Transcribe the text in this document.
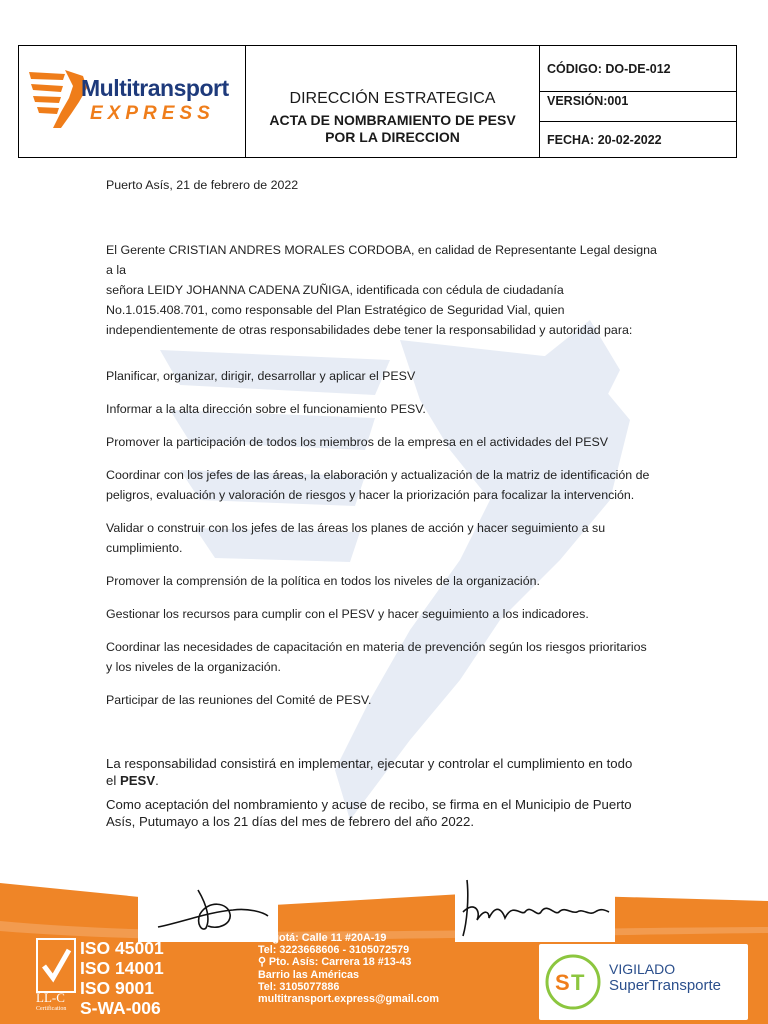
Multitransport
EXPRESS
DIRECCIÓN ESTRATEGICA
ACTA DE NOMBRAMIENTO DE PESV
POR LA DIRECCION
CÓDIGO: DO-DE-012
VERSIÓN:001
FECHA: 20-02-2022
Puerto Asís, 21 de febrero de 2022
El Gerente CRISTIAN ANDRES MORALES CORDOBA, en calidad de Representante Legal designa a la
señora LEIDY JOHANNA CADENA ZUÑIGA, identificada con cédula de ciudadanía
No.1.015.408.701, como responsable del Plan Estratégico de Seguridad Vial, quien
independientemente de otras responsabilidades debe tener la responsabilidad y autoridad para:

Planificar, organizar, dirigir, desarrollar y aplicar el PESV

Informar a la alta dirección sobre el funcionamiento PESV.

Promover la participación de todos los miembros de la empresa en el actividades del PESV

Coordinar con los jefes de las áreas, la elaboración y actualización de la matriz de identificación de
peligros, evaluación y valoración de riesgos y hacer la priorización para focalizar la intervención.

Validar o construir con los jefes de las áreas los planes de acción y hacer seguimiento a su
cumplimiento.

Promover la comprensión de la política en todos los niveles de la organización.

Gestionar los recursos para cumplir con el PESV y hacer seguimiento a los indicadores.

Coordinar las necesidades de capacitación en materia de prevención según los riesgos prioritarios
y los niveles de la organización.

Participar de las reuniones del Comité de PESV.

La responsabilidad consistirá en implementar, ejecutar y controlar el cumplimiento en todo
el PESV.

Como aceptación del nombramiento y acuse de recibo, se firma en el Municipio de Puerto
Asís, Putumayo a los 21 días del mes de febrero del año 2022.

LL-C
Certification
ISO 45001
ISO 14001
ISO 9001
S-WA-006
Bogotá: Calle 11 #20A-19
Tel: 3223668606 - 3105072579
⚲ Pto. Asís: Carrera 18 #13-43
Barrio las Américas
Tel: 3105077886
multitransport.express@gmail.com
S T
VIGILADO
SuperTransporte
